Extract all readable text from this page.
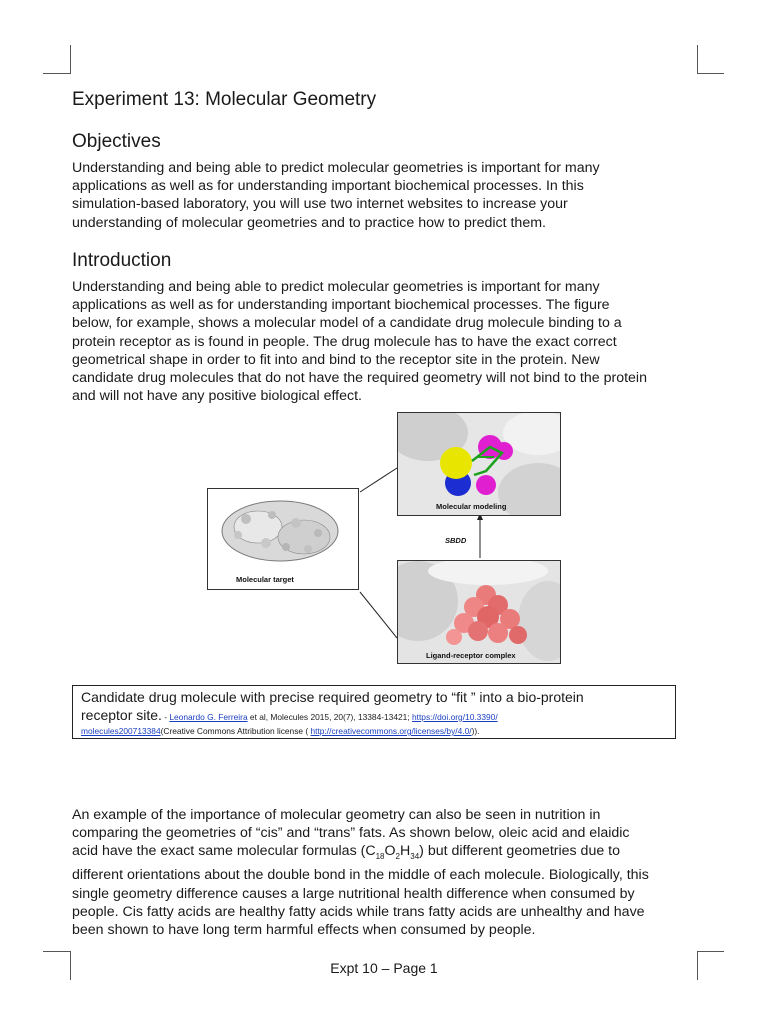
Experiment 13: Molecular Geometry
Objectives
Understanding and being able to predict molecular geometries is important for many
applications as well as for understanding important biochemical processes. In this
simulation-based laboratory, you will use two internet websites to increase your
understanding of molecular geometries and to practice how to predict them.
Introduction
Understanding and being able to predict molecular geometries is important for many
applications as well as for understanding important biochemical processes. The figure
below, for example, shows a molecular model of a candidate drug molecule binding to a
protein receptor as is found in people. The drug molecule has to have the exact correct
geometrical shape in order to fit into and bind to the receptor site in the protein. New
candidate drug molecules that do not have the required geometry will not bind to the protein
and will not have any positive biological effect.
Molecular target
Molecular modeling
SBDD
Ligand-receptor complex
Candidate drug molecule with precise required geometry to “fit ” into a bio-protein
receptor site. - Leonardo G. Ferreira et al, Molecules 2015, 20(7), 13384-13421; https://doi.org/10.3390/
molecules200713384(Creative Commons Attribution license ( http://creativecommons.org/licenses/by/4.0/)).
An example of the importance of molecular geometry can also be seen in nutrition in
comparing the geometries of “cis” and “trans” fats. As shown below, oleic acid and elaidic
acid have the exact same molecular formulas $(C_{18}O_2H_{34})$ but different geometries due to
different orientations about the double bond in the middle of each molecule. Biologically, this
single geometry difference causes a large nutritional health difference when consumed by
people. Cis fatty acids are healthy fatty acids while trans fatty acids are unhealthy and have
been shown to have long term harmful effects when consumed by people.
Expt 10 – Page 1
